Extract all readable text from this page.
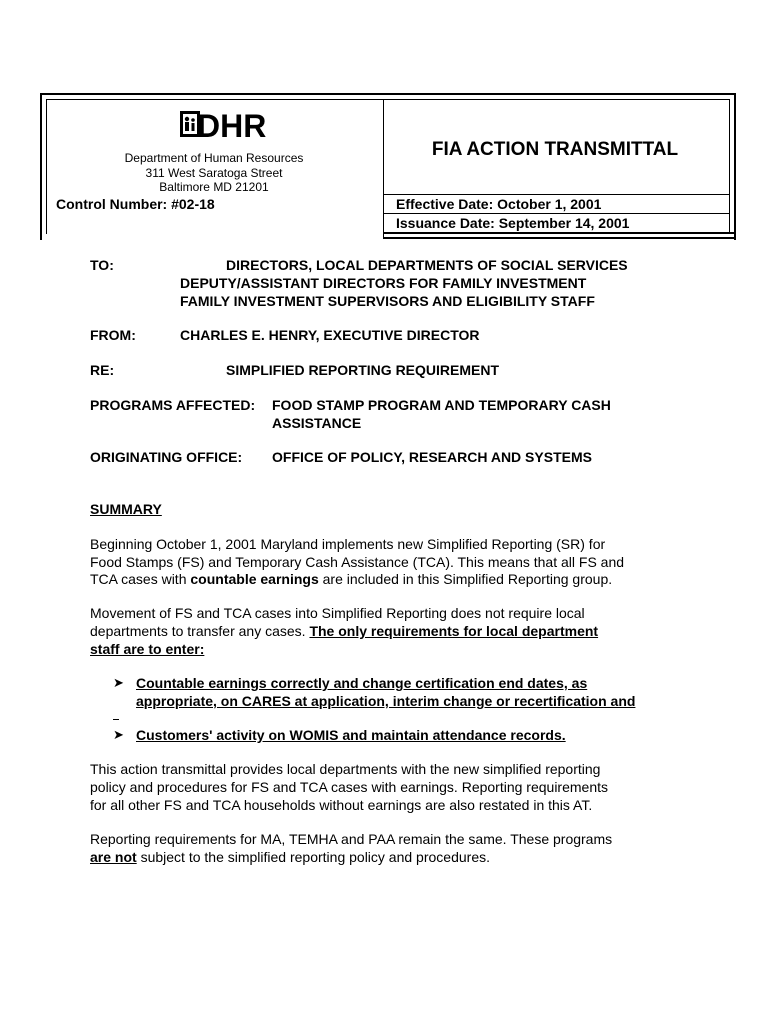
DHR
Department of Human Resources
311 West Saratoga Street
Baltimore MD 21201
FIA ACTION TRANSMITTAL
Control Number: #02-18	Effective Date: October 1, 2001
Issuance Date: September 14, 2001
TO:	DIRECTORS, LOCAL DEPARTMENTS OF SOCIAL SERVICES
DEPUTY/ASSISTANT DIRECTORS FOR FAMILY INVESTMENT
FAMILY INVESTMENT SUPERVISORS AND ELIGIBILITY STAFF
FROM:	CHARLES E. HENRY, EXECUTIVE DIRECTOR
RE:	SIMPLIFIED REPORTING REQUIREMENT
PROGRAMS AFFECTED: FOOD STAMP PROGRAM AND TEMPORARY CASH
ASSISTANCE
ORIGINATING OFFICE: OFFICE OF POLICY, RESEARCH AND SYSTEMS
SUMMARY
Beginning October 1, 2001 Maryland implements new Simplified Reporting (SR) for
Food Stamps (FS) and Temporary Cash Assistance (TCA). This means that all FS and
TCA cases with countable earnings are included in this Simplified Reporting group.
Movement of FS and TCA cases into Simplified Reporting does not require local
departments to transfer any cases. The only requirements for local department
staff are to enter:
➤ Countable earnings correctly and change certification end dates, as
appropriate, on CARES at application, interim change or recertification and
➤ Customers' activity on WOMIS and maintain attendance records.
This action transmittal provides local departments with the new simplified reporting
policy and procedures for FS and TCA cases with earnings. Reporting requirements
for all other FS and TCA households without earnings are also restated in this AT.
Reporting requirements for MA, TEMHA and PAA remain the same. These programs
are not subject to the simplified reporting policy and procedures.
